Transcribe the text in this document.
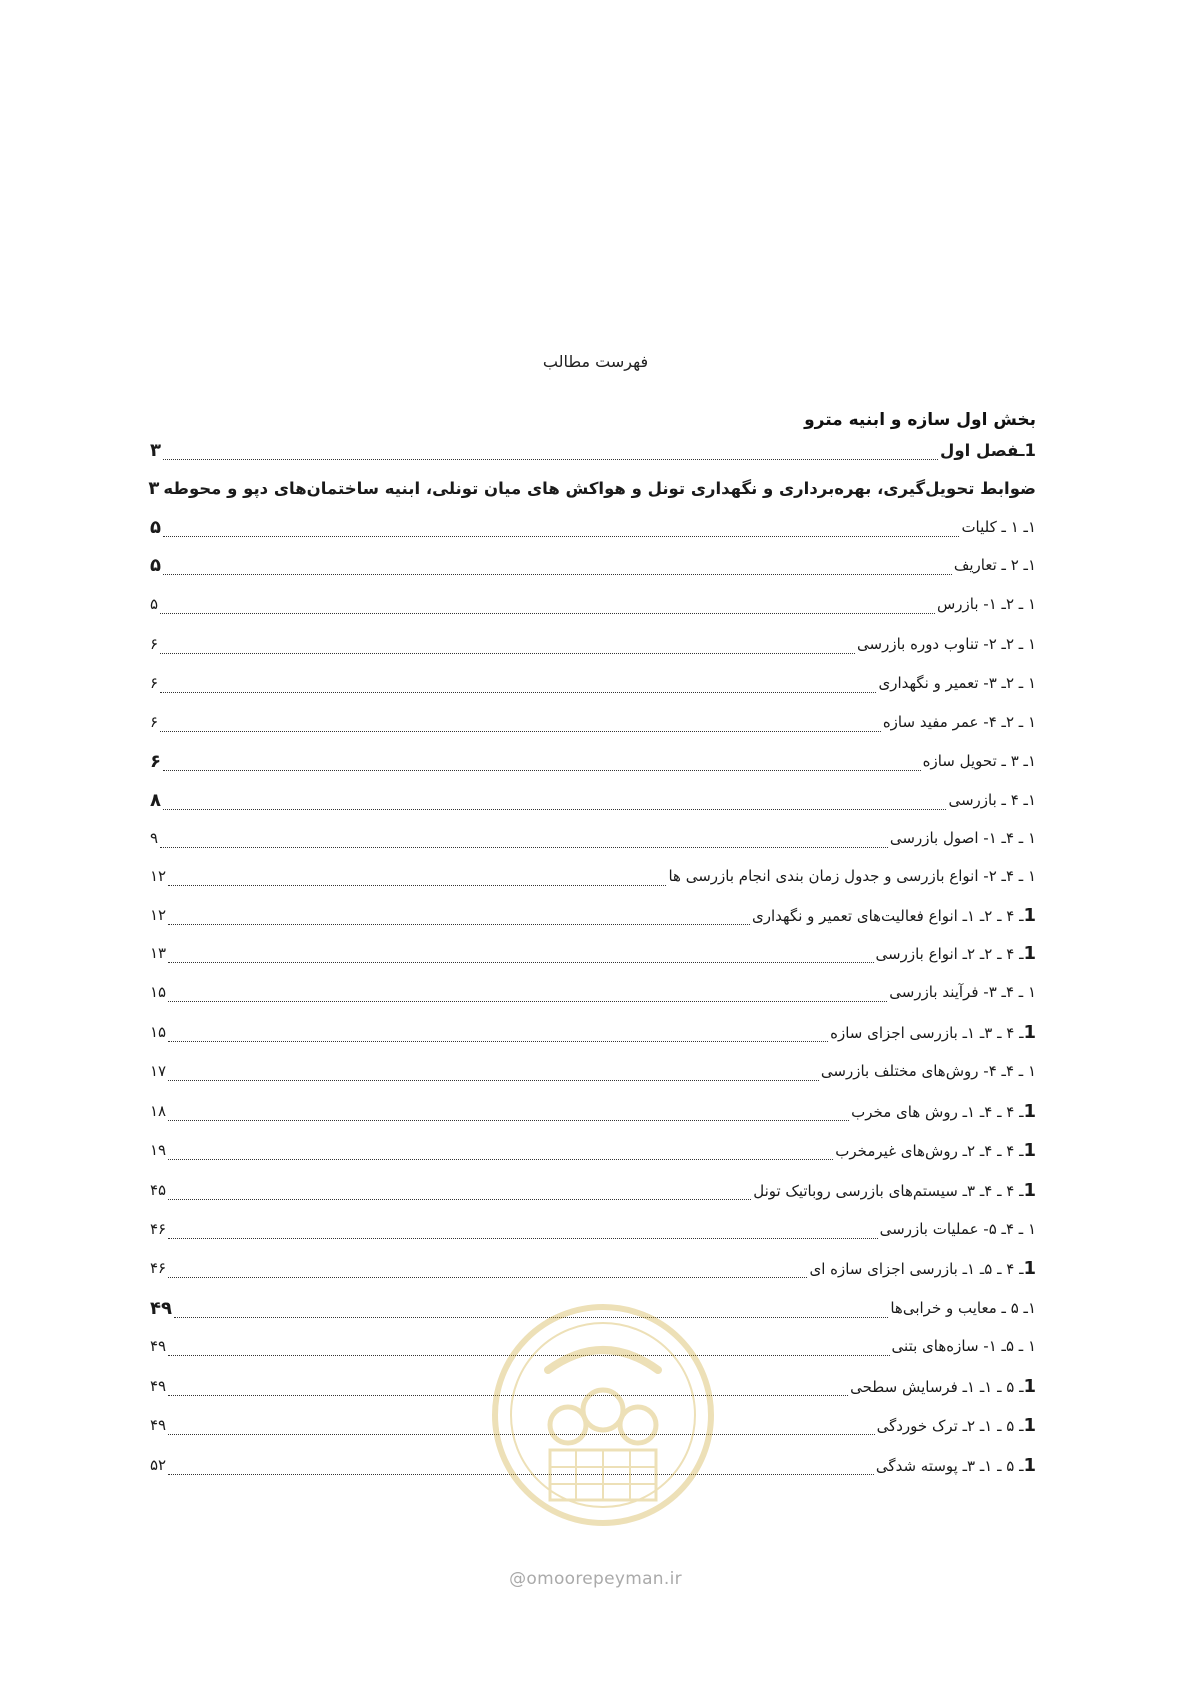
فهرست مطالب
بخش اول سازه و ابنیه مترو
1ـفصل اول
۳
ضوابط تحویل‌گیری، بهره‌برداری و نگهداری تونل و هواکش های میان تونلی، ابنیه ساختمان‌های دپو و محوطه
۳
۱ـ ۱ ـ کلیات
۵
۱ـ ۲ ـ تعاریف
۵
۱ ـ ۲ـ ۱- بازرس
۵
۱ ـ ۲ـ ۲- تناوب دوره بازرسی
۶
۱ ـ ۲ـ ۳- تعمیر و نگهداری
۶
۱ ـ ۲ـ ۴- عمر مفید سازه
۶
۱ـ ۳ ـ تحویل سازه
۶
۱ـ ۴ ـ بازرسی
۸
۱ ـ ۴ـ ۱- اصول بازرسی
۹
۱ ـ ۴ـ ۲- انواع بازرسی و جدول زمان بندی انجام بازرسی ها
۱۲
1ـ ۴ ـ ۲ـ ۱ـ انواع فعالیت‌های تعمیر و نگهداری
۱۲
1ـ ۴ ـ ۲ـ ۲ـ انواع بازرسی
۱۳
۱ ـ ۴ـ ۳- فرآیند بازرسی
۱۵
1ـ ۴ ـ ۳ـ ۱ـ بازرسی اجزای سازه
۱۵
۱ ـ ۴ـ ۴- روش‌های مختلف بازرسی
۱۷
1ـ ۴ ـ ۴ـ ۱ـ روش های مخرب
۱۸
1ـ ۴ ـ ۴ـ ۲ـ روش‌های غیرمخرب
۱۹
1ـ ۴ ـ ۴ـ ۳ـ سیستم‌های بازرسی روباتیک تونل
۴۵
۱ ـ ۴ـ ۵- عملیات بازرسی
۴۶
1ـ ۴ ـ ۵ـ ۱ـ بازرسی اجزای سازه ای
۴۶
۱ـ ۵ ـ معایب و خرابی‌ها
۴۹
۱ ـ ۵ـ ۱- سازه‌های بتنی
۴۹
1ـ ۵ ـ ۱ـ ۱ـ فرسایش سطحی
۴۹
1ـ ۵ ـ ۱ـ ۲ـ ترک خوردگی
۴۹
1ـ ۵ ـ ۱ـ ۳ـ پوسته شدگی
۵۲
@omoorepeyman.ir
